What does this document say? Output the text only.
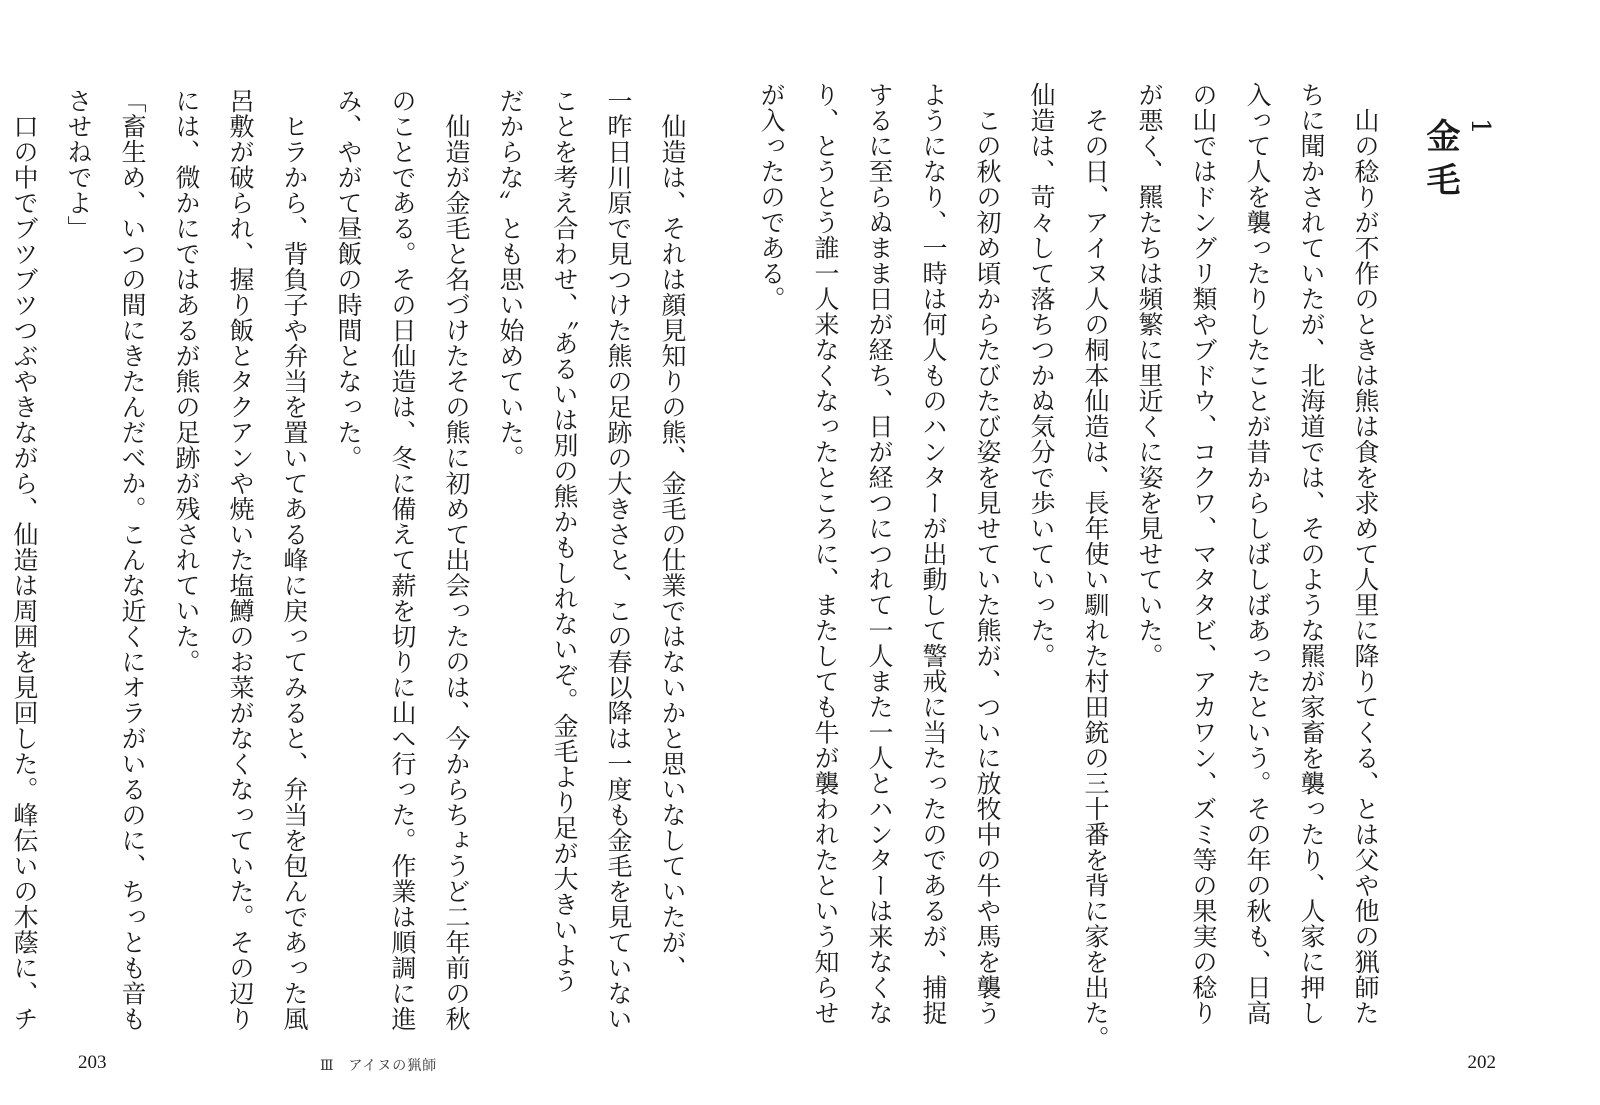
1
金毛

　山の稔りが不作のときは熊は食を求めて人里に降りてくる、とは父や他の猟師た

ちに聞かされていたが、北海道では、そのような羆が家畜を襲ったり、人家に押し

入って人を襲ったりしたことが昔からしばしばあったという。その年の秋も、日高

の山ではドングリ類やブドウ、コクワ、マタタビ、アカワン、ズミ等の果実の稔り

が悪く、羆たちは頻繁に里近くに姿を見せていた。

　その日、アイヌ人の桐本仙造は、長年使い馴れた村田銃の三十番を背に家を出た。

仙造は、苛々して落ちつかぬ気分で歩いていった。

　この秋の初め頃からたびたび姿を見せていた熊が、ついに放牧中の牛や馬を襲う

ようになり、一時は何人ものハンターが出動して警戒に当たったのであるが、捕捉

するに至らぬまま日が経ち、日が経つにつれて一人また一人とハンターは来なくな

り、とうとう誰一人来なくなったところに、またしても牛が襲われたという知らせ

が入ったのである。

202

　仙造は、それは顔見知りの熊、金毛の仕業ではないかと思いなしていたが、

一昨日川原で見つけた熊の足跡の大きさと、この春以降は一度も金毛を見ていない

ことを考え合わせ、〝あるいは別の熊かもしれないぞ。金毛より足が大きいよう

だからな〟とも思い始めていた。

　仙造が金毛と名づけたその熊に初めて出会ったのは、今からちょうど二年前の秋

のことである。その日仙造は、冬に備えて薪を切りに山へ行った。作業は順調に進

み、やがて昼飯の時間となった。

　ヒラから、背負子や弁当を置いてある峰に戻ってみると、弁当を包んであった風

呂敷が破られ、握り飯とタクアンや焼いた塩鱒のお菜がなくなっていた。その辺り

には、微かにではあるが熊の足跡が残されていた。

「畜生め、いつの間にきたんだべか。こんな近くにオラがいるのに、ちっとも音も

させねでよ」

　口の中でブツブツつぶやきながら、仙造は周囲を見回した。峰伝いの木蔭に、チ

203	Ⅲ アイヌの猟師
